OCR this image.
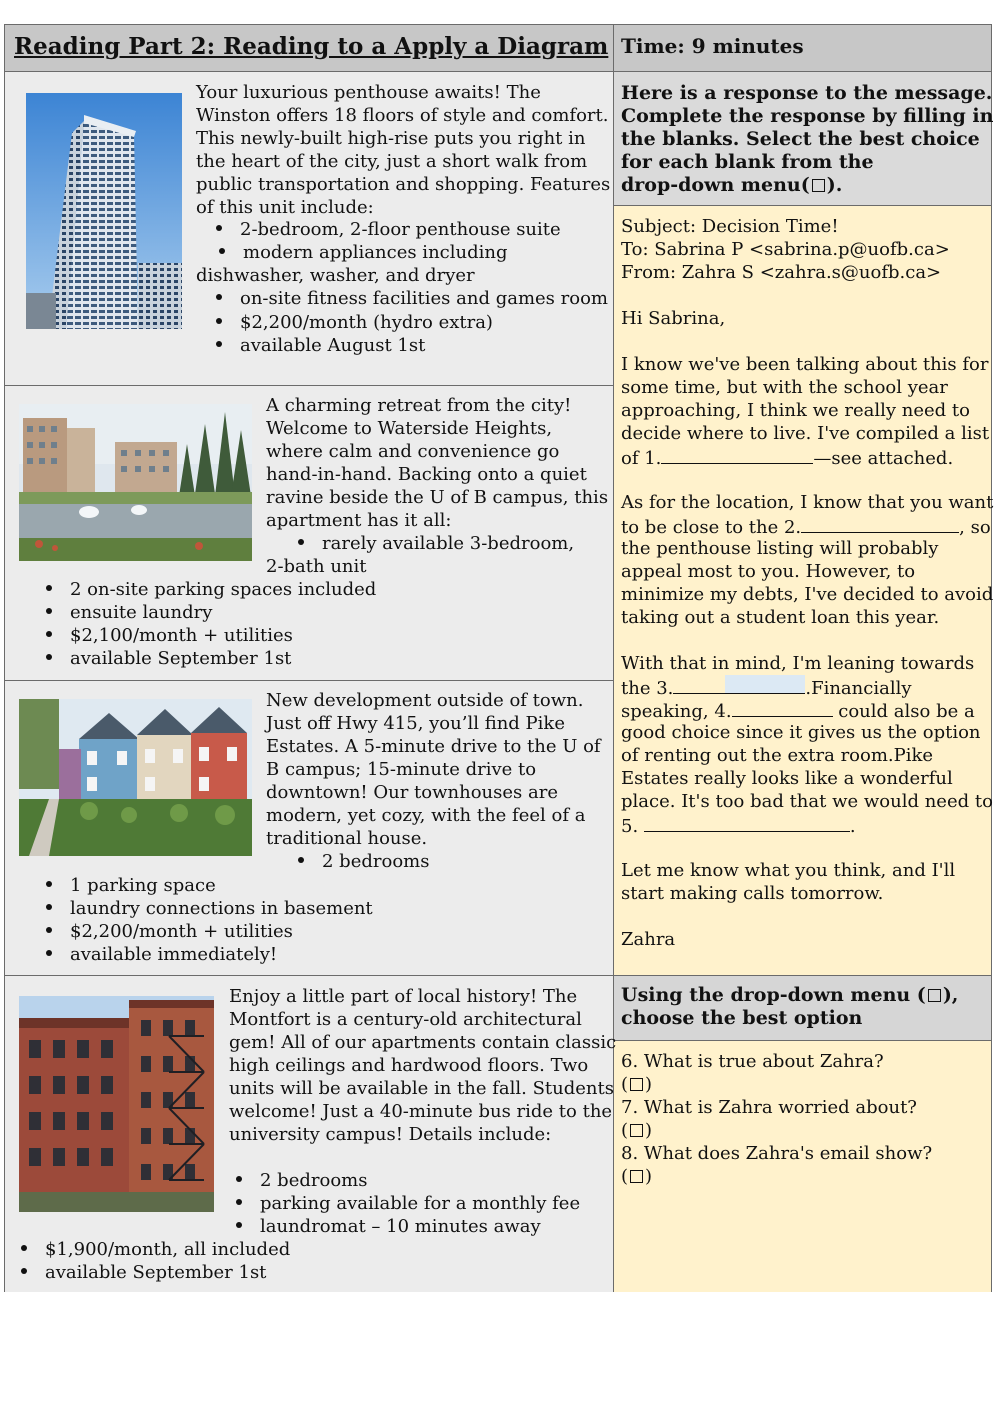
Reading Part 2: Reading to a Apply a Diagram Time: 9 minutes
Your luxurious penthouse awaits! The
Winston offers 18 floors of style and comfort.
This newly-built high-rise puts you right in
the heart of the city, just a short walk from
public transportation and shopping. Features
of this unit include:
2-bedroom, 2-floor penthouse suite
modern appliances including
dishwasher, washer, and dryer
on-site fitness facilities and games room
$2,200/month (hydro extra)
available August 1st
A charming retreat from the city!
Welcome to Waterside Heights,
where calm and convenience go
hand-in-hand. Backing onto a quiet
ravine beside the U of B campus, this
apartment has it all:
rarely available 3-bedroom,
2-bath unit
2 on-site parking spaces included
ensuite laundry
$2,100/month + utilities
available September 1st
New development outside of town.
Just off Hwy 415, you’ll find Pike
Estates. A 5-minute drive to the U of
B campus; 15-minute drive to
downtown! Our townhouses are
modern, yet cozy, with the feel of a
traditional house.
2 bedrooms
1 parking space
laundry connections in basement
$2,200/month + utilities
available immediately!
Enjoy a little part of local history! The
Montfort is a century-old architectural
gem! All of our apartments contain classic
high ceilings and hardwood floors. Two
units will be available in the fall. Students
welcome! Just a 40-minute bus ride to the
university campus! Details include:
2 bedrooms
parking available for a monthly fee
laundromat – 10 minutes away
$1,900/month, all included
available September 1st
Here is a response to the message.
Complete the response by filling in
the blanks. Select the best choice
for each blank from the
drop-down menu( ).
Subject: Decision Time!
To: Sabrina P <sabrina.p@uofb.ca>
From: Zahra S <zahra.s@uofb.ca>
Hi Sabrina,
I know we've been talking about this for
some time, but with the school year
approaching, I think we really need to
decide where to live. I've compiled a list
of 1.	—see attached.
As for the location, I know that you want
to be close to the 2.	, so
the penthouse listing will probably
appeal most to you. However, to
minimize my debts, I've decided to avoid
taking out a student loan this year.
With that in mind, I'm leaning towards
the 3.	.Financially
speaking, 4.	could also be a
good choice since it gives us the option
of renting out the extra room.Pike
Estates really looks like a wonderful
place. It's too bad that we would need to
5.	.
Let me know what you think, and I'll
start making calls tomorrow.
Zahra
Using the drop-down menu ( ),
choose the best option
6. What is true about Zahra?
( )
7. What is Zahra worried about?
( )
8. What does Zahra's email show?
( )
